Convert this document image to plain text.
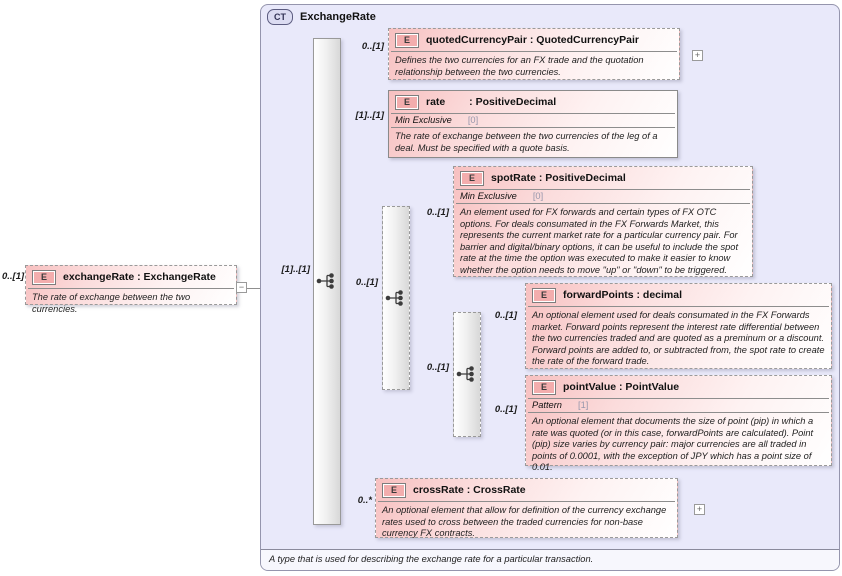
CT	ExchangeRate
A type that is used for describing the exchange rate for a particular transaction.
0..[1]
[1]..[1]
0..[1]
[1]..[1]
0..[1]
0..*
0..[1]
0..[1]
0..[1]
0..[1]
E	exchangeRate : ExchangeRate
The rate of exchange between the two currencies.
−
E	quotedCurrencyPair : QuotedCurrencyPair
Defines the two currencies for an FX trade and the quotation relationship between the two currencies.
+
E	rate   : PositiveDecimal
Min Exclusive [0]
The rate of exchange between the two currencies of the leg of a deal. Must be specified with a quote basis.
E	spotRate : PositiveDecimal
Min Exclusive [0]
An element used for FX forwards and certain types of FX OTC options. For deals consumated in the FX Forwards Market, this represents the current market rate for a particular currency pair. For barrier and digital/binary options, it can be useful to include the spot rate at the time the option was executed to make it easier to know whether the option needs to move "up" or "down" to be triggered.
E	forwardPoints : decimal
An optional element used for deals consumated in the FX Forwards market. Forward points represent the interest rate differential between the two currencies traded and are quoted as a preminum or a discount. Forward points are added to, or subtracted from, the spot rate to create the rate of the forward trade.
E	pointValue : PointValue
Pattern [1]
An optional element that documents the size of point (pip) in which a rate was quoted (or in this case, forwardPoints are calculated). Point (pip) size varies by currency pair: major currencies are all traded in points of 0.0001, with the exception of JPY which has a point size of 0.01.
E	crossRate : CrossRate
An optional element that allow for definition of the currency exchange rates used to cross between the traded currencies for non-base currency FX contracts.
+
